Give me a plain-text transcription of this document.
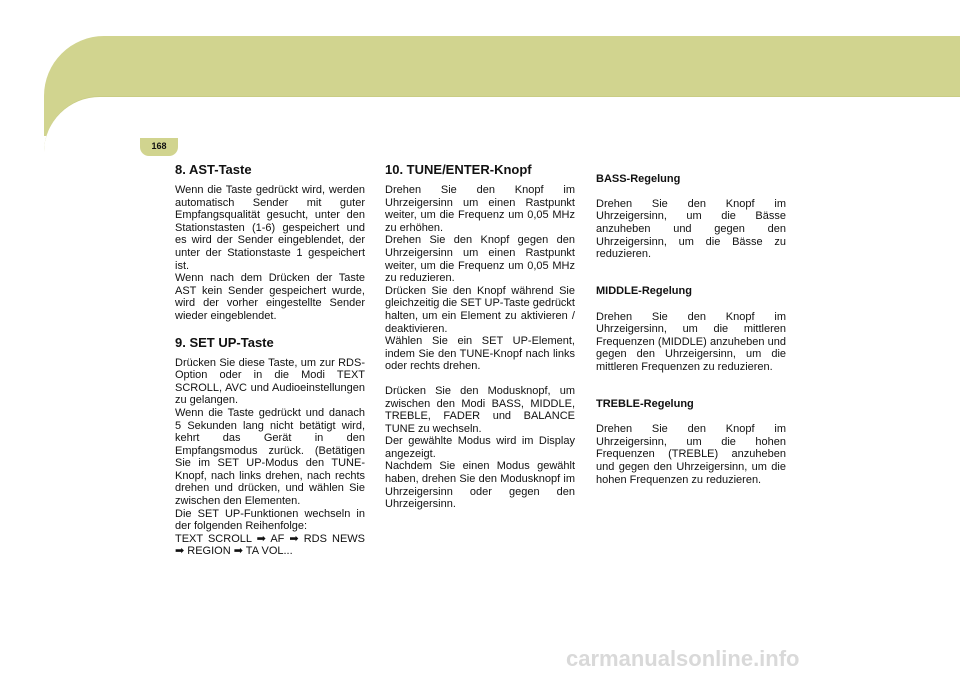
1 EIGENSCHAFTEN DES HYUNDAI
168
8. AST-Taste

Wenn die Taste gedrückt wird, werden automatisch Sender mit guter Empfangsqualität gesucht, unter den Stationstasten (1-6) gespeichert und es wird der Sender eingeblendet, der unter der Stationstaste 1 gespeichert ist.
Wenn nach dem Drücken der Taste AST kein Sender gespeichert wurde, wird der vorher eingestellte Sender wieder eingeblendet.

9. SET UP-Taste

Drücken Sie diese Taste, um zur RDS-Option oder in die Modi TEXT SCROLL, AVC und Audioeinstellungen zu gelangen.
Wenn die Taste gedrückt und danach 5 Sekunden lang nicht betätigt wird, kehrt das Gerät in den Empfangsmodus zurück. (Betätigen Sie im SET UP-Modus den TUNE-Knopf, nach links drehen, nach rechts drehen und drücken, und wählen Sie zwischen den Elementen.
Die SET UP-Funktionen wechseln in der folgenden Reihenfolge:
TEXT SCROLL ➡ AF ➡ RDS NEWS ➡ REGION ➡ TA VOL...

10. TUNE/ENTER-Knopf

Drehen Sie den Knopf im Uhrzeigersinn um einen Rastpunkt weiter, um die Frequenz um 0,05 MHz zu erhöhen.
Drehen Sie den Knopf gegen den Uhrzeigersinn um einen Rastpunkt weiter, um die Frequenz um 0,05 MHz zu reduzieren.
Drücken Sie den Knopf während Sie gleichzeitig die SET UP-Taste gedrückt halten, um ein Element zu aktivieren / deaktivieren.
Wählen Sie ein SET UP-Element, indem Sie den TUNE-Knopf nach links oder rechts drehen.

Drücken Sie den Modusknopf, um zwischen den Modi BASS, MIDDLE, TREBLE, FADER und BALANCE TUNE zu wechseln.
Der gewählte Modus wird im Display angezeigt.
Nachdem Sie einen Modus gewählt haben, drehen Sie den Modusknopf im Uhrzeigersinn oder gegen den Uhrzeigersinn.

BASS-Regelung

Drehen Sie den Knopf im Uhrzeigersinn, um die Bässe anzuheben und gegen den Uhrzeigersinn, um die Bässe zu reduzieren.

MIDDLE-Regelung

Drehen Sie den Knopf im Uhrzeigersinn, um die mittleren Frequenzen (MIDDLE) anzuheben und gegen den Uhrzeigersinn, um die mittleren Frequenzen zu reduzieren.

TREBLE-Regelung

Drehen Sie den Knopf im Uhrzeigersinn, um die hohen Frequenzen (TREBLE) anzuheben und gegen den Uhrzeigersinn, um die hohen Frequenzen zu reduzieren.

carmanualsonline.info
